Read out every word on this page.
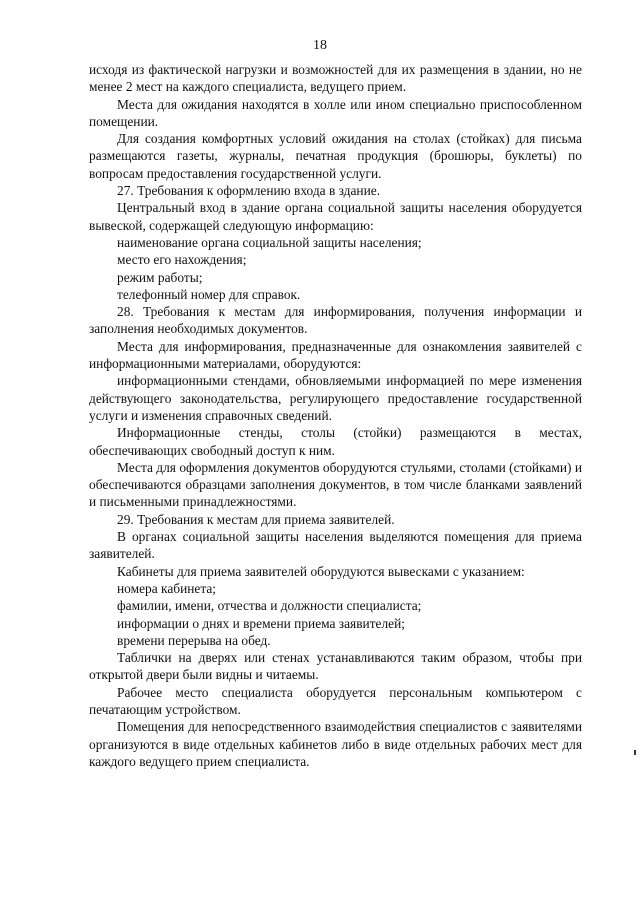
18

исходя из фактической нагрузки и возможностей для их размещения в здании, но не менее 2 мест на каждого специалиста, ведущего прием.

Места для ожидания находятся в холле или ином специально приспособленном помещении.

Для создания комфортных условий ожидания на столах (стойках) для письма размещаются газеты, журналы, печатная продукция (брошюры, буклеты) по вопросам предоставления государственной услуги.

27. Требования к оформлению входа в здание.

Центральный вход в здание органа социальной защиты населения оборудуется вывеской, содержащей следующую информацию:

наименование органа социальной защиты населения;

место его нахождения;

режим работы;

телефонный номер для справок.

28. Требования к местам для информирования, получения информации и заполнения необходимых документов.

Места для информирования, предназначенные для ознакомления заявителей с информационными материалами, оборудуются:

информационными стендами, обновляемыми информацией по мере изменения действующего законодательства, регулирующего предоставление государственной услуги и изменения справочных сведений.

Информационные стенды, столы (стойки) размещаются в местах, обеспечивающих свободный доступ к ним.

Места для оформления документов оборудуются стульями, столами (стойками) и обеспечиваются образцами заполнения документов, в том числе бланками заявлений и письменными принадлежностями.

29. Требования к местам для приема заявителей.

В органах социальной защиты населения выделяются помещения для приема заявителей.

Кабинеты для приема заявителей оборудуются вывесками с указанием:

номера кабинета;

фамилии, имени, отчества и должности специалиста;

информации о днях и времени приема заявителей;

времени перерыва на обед.

Таблички на дверях или стенах устанавливаются таким образом, чтобы при открытой двери были видны и читаемы.

Рабочее место специалиста оборудуется персональным компьютером с печатающим устройством.

Помещения для непосредственного взаимодействия специалистов с заявителями организуются в виде отдельных кабинетов либо в виде отдельных рабочих мест для каждого ведущего прием специалиста.
